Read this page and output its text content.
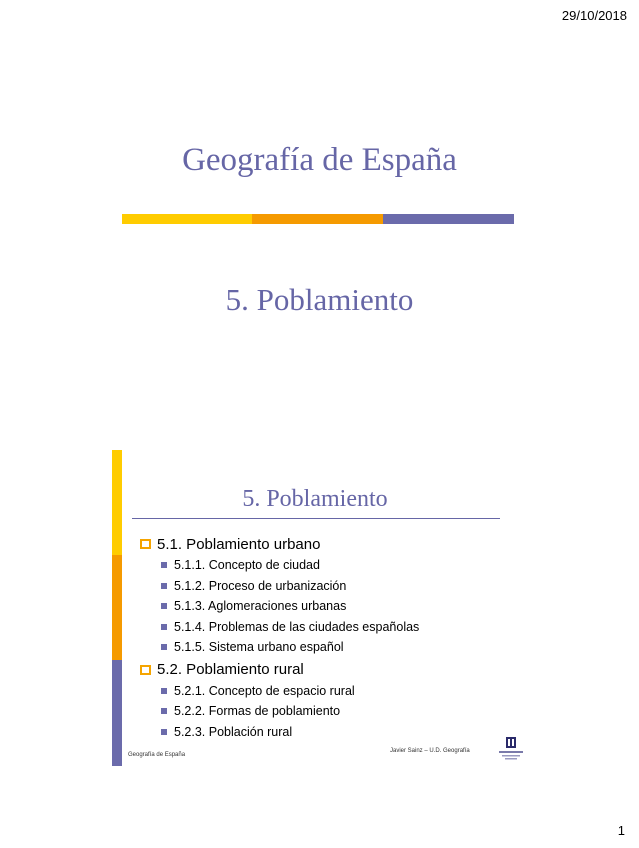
29/10/2018
Geografía de España
5. Poblamiento
5. Poblamiento
5.1. Poblamiento urbano
5.1.1. Concepto de ciudad
5.1.2. Proceso de urbanización
5.1.3. Aglomeraciones urbanas
5.1.4. Problemas de las ciudades españolas
5.1.5. Sistema urbano español
5.2. Poblamiento rural
5.2.1. Concepto de espacio rural
5.2.2. Formas de poblamiento
5.2.3. Población rural
Geografía de España
Javier Sainz – U.D. Geografía
1
